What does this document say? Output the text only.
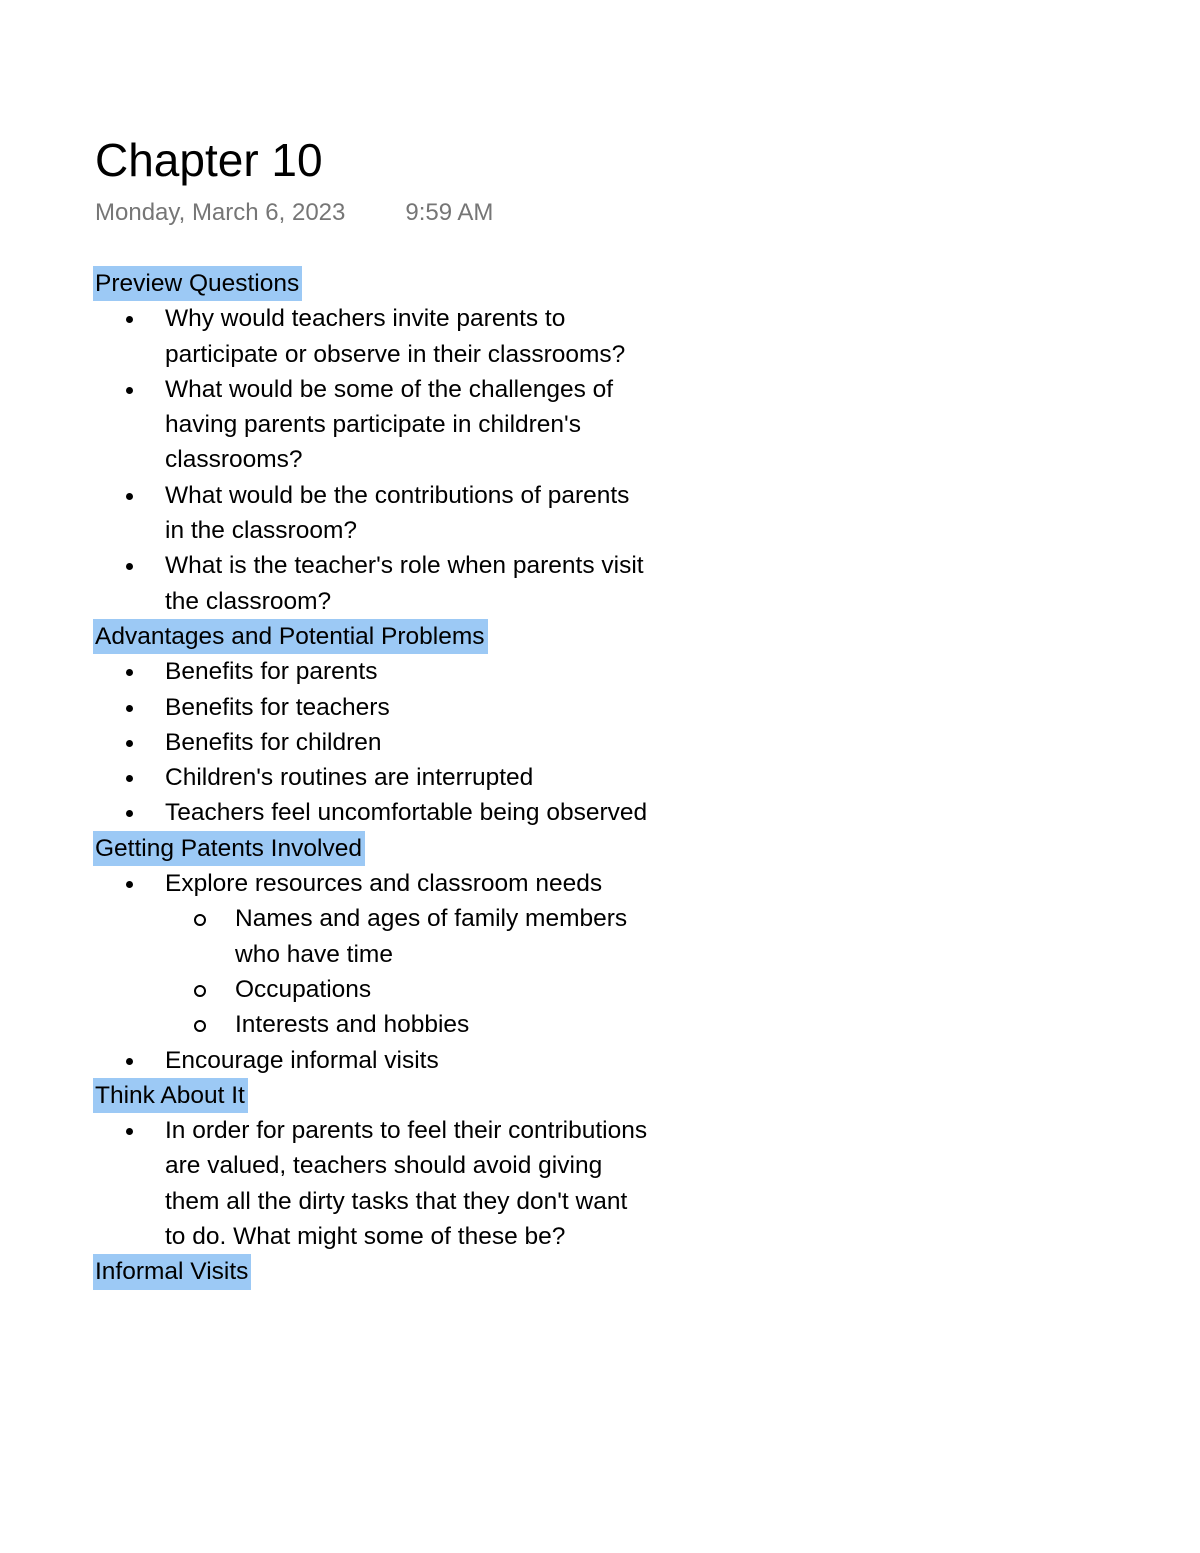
Chapter 10
Monday, March 6, 2023	9:59 AM
Preview Questions
Why would teachers invite parents to participate or observe in their classrooms?
What would be some of the challenges of having parents participate in children's classrooms?
What would be the contributions of parents in the classroom?
What is the teacher's role when parents visit the classroom?
Advantages and Potential Problems
Benefits for parents
Benefits for teachers
Benefits for children
Children's routines are interrupted
Teachers feel uncomfortable being observed
Getting Patents Involved
Explore resources and classroom needs
Names and ages of family members who have time
Occupations
Interests and hobbies
Encourage informal visits
Think About It
In order for parents to feel their contributions are valued, teachers should avoid giving them all the dirty tasks that they don't want to do. What might some of these be?
Informal Visits
